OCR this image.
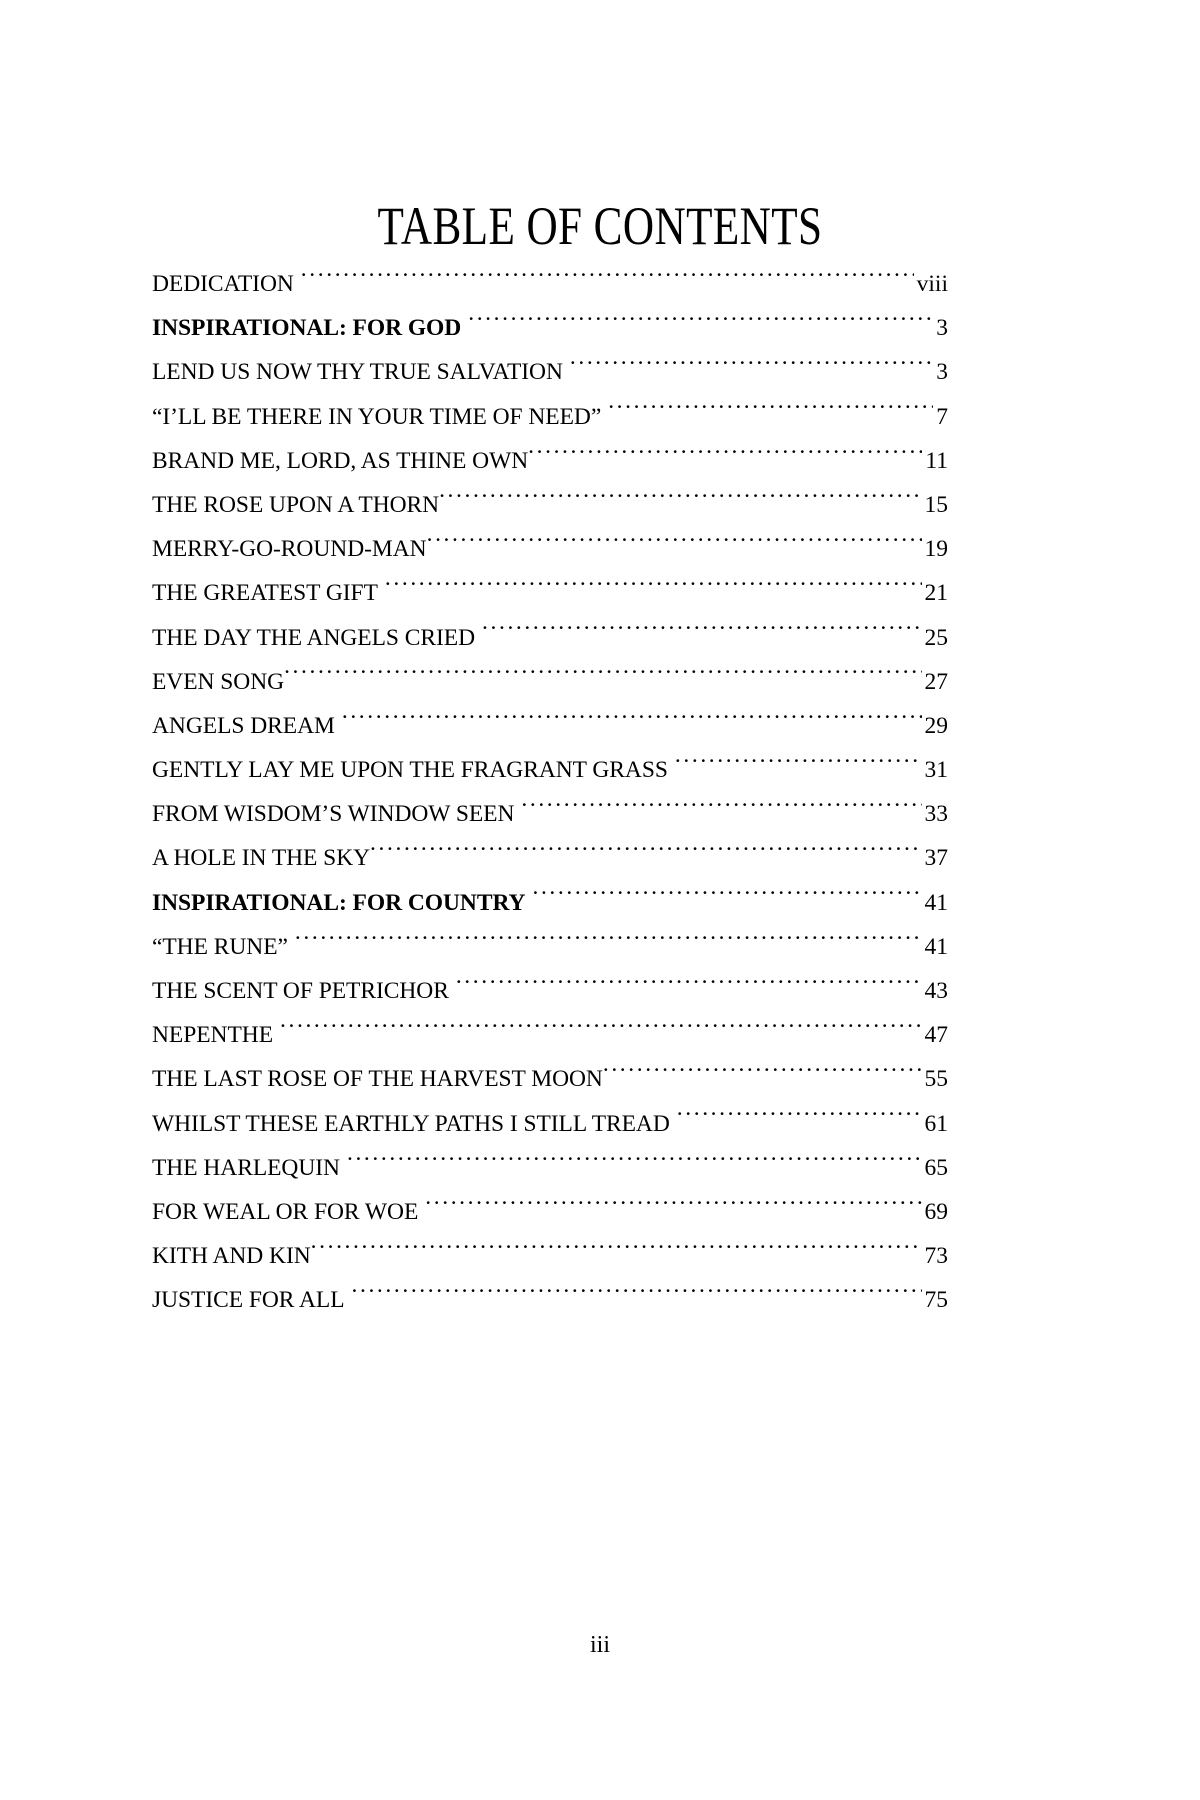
TABLE OF CONTENTS
DEDICATION .....	viii
INSPIRATIONAL: FOR GOD .....	3
LEND US NOW THY TRUE SALVATION .....	3
“I’LL BE THERE IN YOUR TIME OF NEED” .....	7
BRAND ME, LORD, AS THINE OWN .....	11
THE ROSE UPON A THORN .....	15
MERRY-GO-ROUND-MAN .....	19
THE GREATEST GIFT .....	21
THE DAY THE ANGELS CRIED .....	25
EVEN SONG .....	27
ANGELS DREAM .....	29
GENTLY LAY ME UPON THE FRAGRANT GRASS .....	31
FROM WISDOM’S WINDOW SEEN .....	33
A HOLE IN THE SKY .....	37
INSPIRATIONAL: FOR COUNTRY .....	41
“THE RUNE” .....	41
THE SCENT OF PETRICHOR .....	43
NEPENTHE .....	47
THE LAST ROSE OF THE HARVEST MOON .....	55
WHILST THESE EARTHLY PATHS I STILL TREAD .....	61
THE HARLEQUIN .....	65
FOR WEAL OR FOR WOE .....	69
KITH AND KIN .....	73
JUSTICE FOR ALL .....	75
iii
